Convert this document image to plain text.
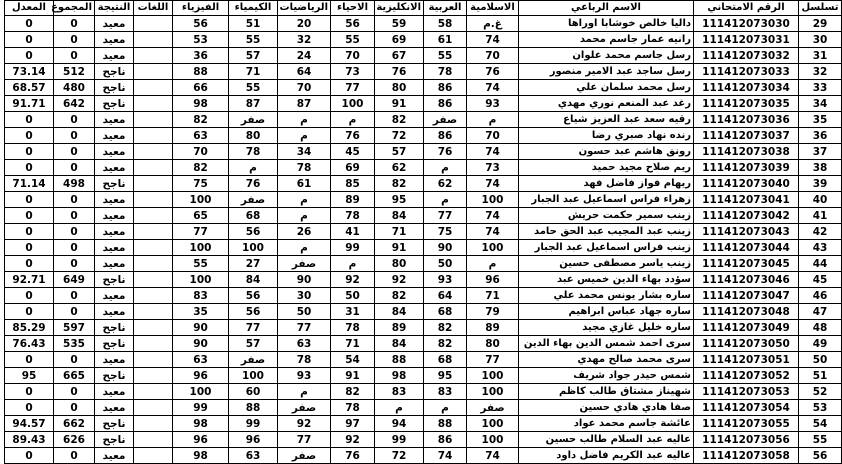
تسلسل	الرقم الامتحاني	الاسم الرباعي	الاسلامية	العربية	الانكليزية	الاحياء	الرياضيات	الكيمياء	الفيزياء	اللغات	النتيجة	المجموع	المعدل
29	111412073030	داليا خالص خوشابا اوراها	غ.م	58	59	56	20	51	56		معيد	0	0
30	111412073031	رانيه عمار جاسم محمد	74	61	69	55	32	55	53		معيد	0	0
31	111412073032	رسل جاسم محمد علوان	70	55	67	70	24	57	36		معيد	0	0
32	111412073033	رسل ساجد عبد الامير منصور	76	78	76	73	64	71	88		ناجح	512	73.14
33	111412073034	رسل محمد سلمان علي	74	86	80	77	70	55	66		ناجح	480	68.57
34	111412073035	رغد عبد المنعم نوري مهدي	93	86	91	100	87	87	98		ناجح	642	91.71
35	111412073036	رقيه سعد عبد العزيز شياع	م	صفر	82	م	م	صفر	82		معيد	0	0
36	111412073037	رنده نهاد صبري رضا	70	86	72	76	م	80	63		معيد	0	0
37	111412073038	رونق هاشم عبد حسون	74	76	57	45	34	78	70		معيد	0	0
38	111412073039	ريم صلاح مجيد حميد	73	م	62	69	78	م	82		معيد	0	0
39	111412073040	ريهام فواز فاضل فهد	74	62	82	85	61	76	75		ناجح	498	71.14
40	111412073041	زهراء فراس اسماعيل عبد الجبار	100	م	95	89	م	صفر	100		معيد	0	0
41	111412073042	زينب سمير حكمت حريش	74	77	84	78	م	68	65		معيد	0	0
42	111412073043	زينب عبد المجيب عبد الحق حامد	74	75	71	41	26	56	77		معيد	0	0
43	111412073044	زينب فراس اسماعيل عبد الجبار	100	90	91	99	م	100	100		معيد	0	0
44	111412073045	زينب ياسر مصطفى حسين	م	50	80	م	صفر	27	55		معيد	0	0
45	111412073046	سؤدد بهاء الدين خميس عبد	96	93	92	92	90	84	100		ناجح	649	92.71
46	111412073047	ساره بشار يونس محمد علي	71	64	82	50	30	56	83		معيد	0	0
47	111412073048	ساره جهاد عباس ابراهيم	79	68	84	31	50	56	35		معيد	0	0
48	111412073049	ساره خليل غازي مجيد	89	82	89	78	77	77	90		ناجح	597	85.29
49	111412073050	سرى احمد شمس الدين بهاء الدين	80	82	84	71	63	57	90		ناجح	535	76.43
50	111412073051	سرى محمد صالح مهدي	77	68	88	54	78	صفر	63		معيد	0	0
51	111412073052	شمس حيدر جواد شريف	100	95	98	91	93	100	96		ناجح	665	95
52	111412073053	شهيناز مشتاق طالب كاظم	100	83	83	82	م	60	100		معيد	0	0
53	111412073054	صفا هادي هادي حسين	صفر	م	م	78	صفر	88	99		معيد	0	0
54	111412073055	عائشة جاسم محمد عواد	100	88	94	97	92	99	98		ناجح	662	94.57
55	111412073056	عاليه عبد السلام طالب حسين	100	86	99	92	77	96	96		ناجح	626	89.43
56	111412073058	عاليه عبد الكريم فاضل داود	74	74	72	76	صفر	63	98		معيد	0	0
